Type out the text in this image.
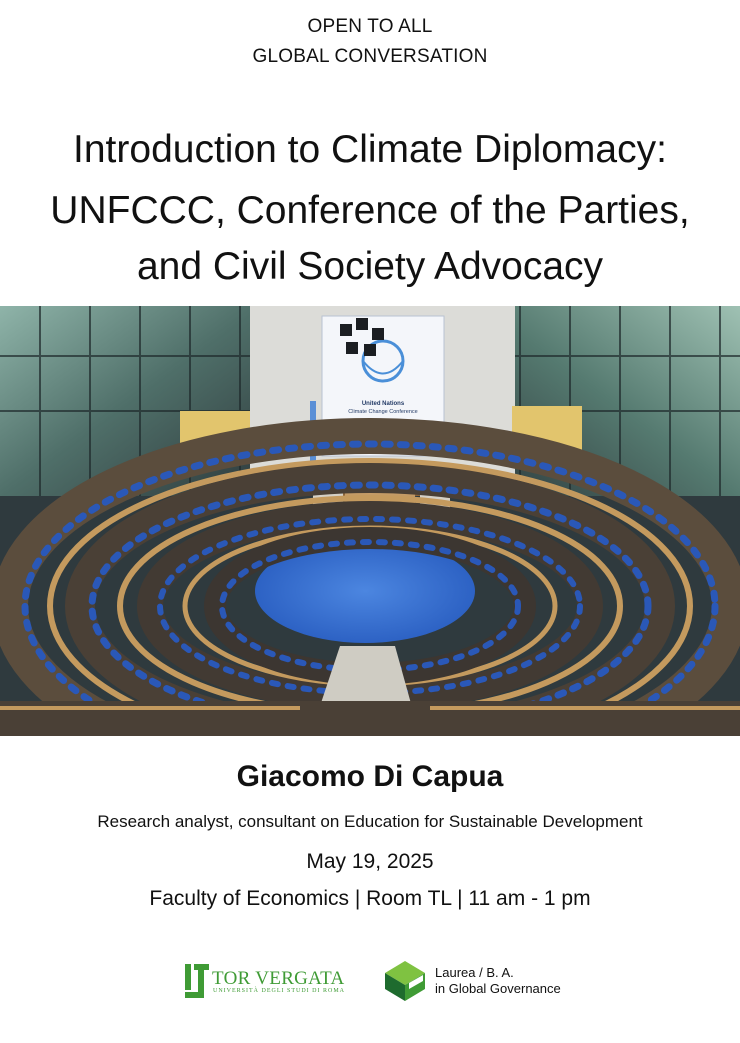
OPEN TO ALL
GLOBAL CONVERSATION
Introduction to Climate Diplomacy:
UNFCCC, Conference of the Parties,
and Civil Society Advocacy
United Nations
Climate Change Conference
Bonn, Germany
Giacomo Di Capua
Research analyst, consultant on Education for Sustainable Development
May 19, 2025
Faculty of Economics | Room TL | 11 am - 1 pm
TOR VERGATA
UNIVERSITÀ DEGLI STUDI DI ROMA
Laurea / B. A.
in Global Governance
